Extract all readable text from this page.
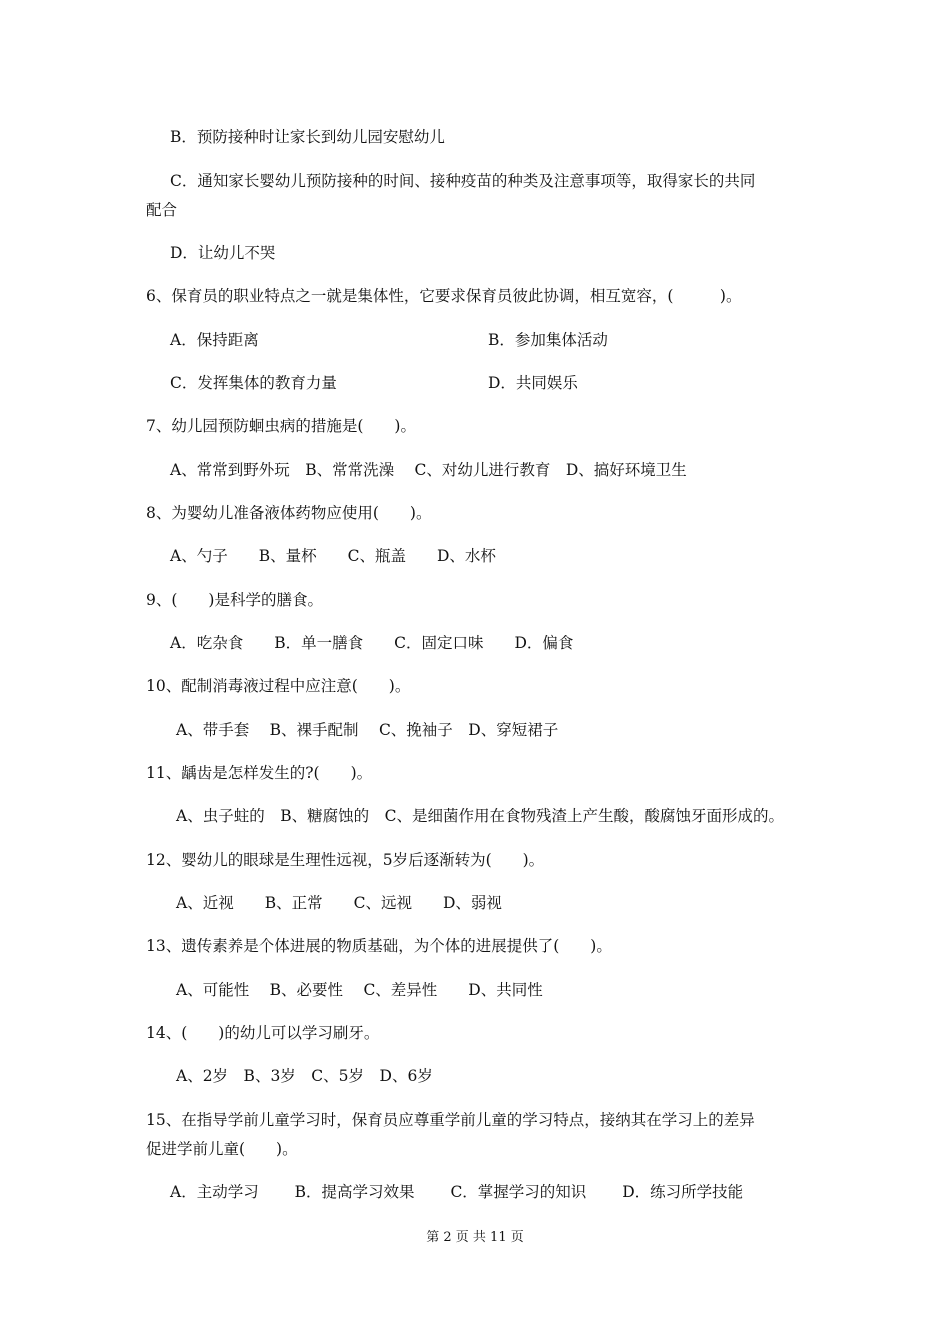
B．预防接种时让家长到幼儿园安慰幼儿
C．通知家长婴幼儿预防接种的时间、接种疫苗的种类及注意事项等，取得家长的共同
配合
D．让幼儿不哭
6、保育员的职业特点之一就是集体性，它要求保育员彼此协调，相互宽容，(　　　)。
A．保持距离	B．参加集体活动
C．发挥集体的教育力量	D．共同娱乐
7、幼儿园预防蛔虫病的措施是(　　)。
A、常常到野外玩　B、常常洗澡　 C、对幼儿进行教育　D、搞好环境卫生
8、为婴幼儿准备液体药物应使用(　　)。
A、勺子　　B、量杯　　C、瓶盖　　D、水杯
9、(　　)是科学的膳食。
A．吃杂食　　B．单一膳食　　C．固定口味　　D．偏食
10、配制消毒液过程中应注意(　　)。
A、带手套　 B、裸手配制　 C、挽袖子　D、穿短裙子
11、龋齿是怎样发生的?(　　)。
A、虫子蛀的　B、糖腐蚀的　C、是细菌作用在食物残渣上产生酸，酸腐蚀牙面形成的。
12、婴幼儿的眼球是生理性远视，5岁后逐渐转为(　　)。
A、近视　　B、正常　　C、远视　　D、弱视
13、遗传素养是个体进展的物质基础，为个体的进展提供了(　　)。
A、可能性　 B、必要性　 C、差异性　　D、共同性
14、(　　)的幼儿可以学习刷牙。
A、2岁　B、3岁　C、5岁　D、6岁
15、在指导学前儿童学习时，保育员应尊重学前儿童的学习特点，接纳其在学习上的差异
促进学前儿童(　　)。
A．主动学习　　 B．提高学习效果　　 C．掌握学习的知识　　 D．练习所学技能
第 2 页 共 11 页
